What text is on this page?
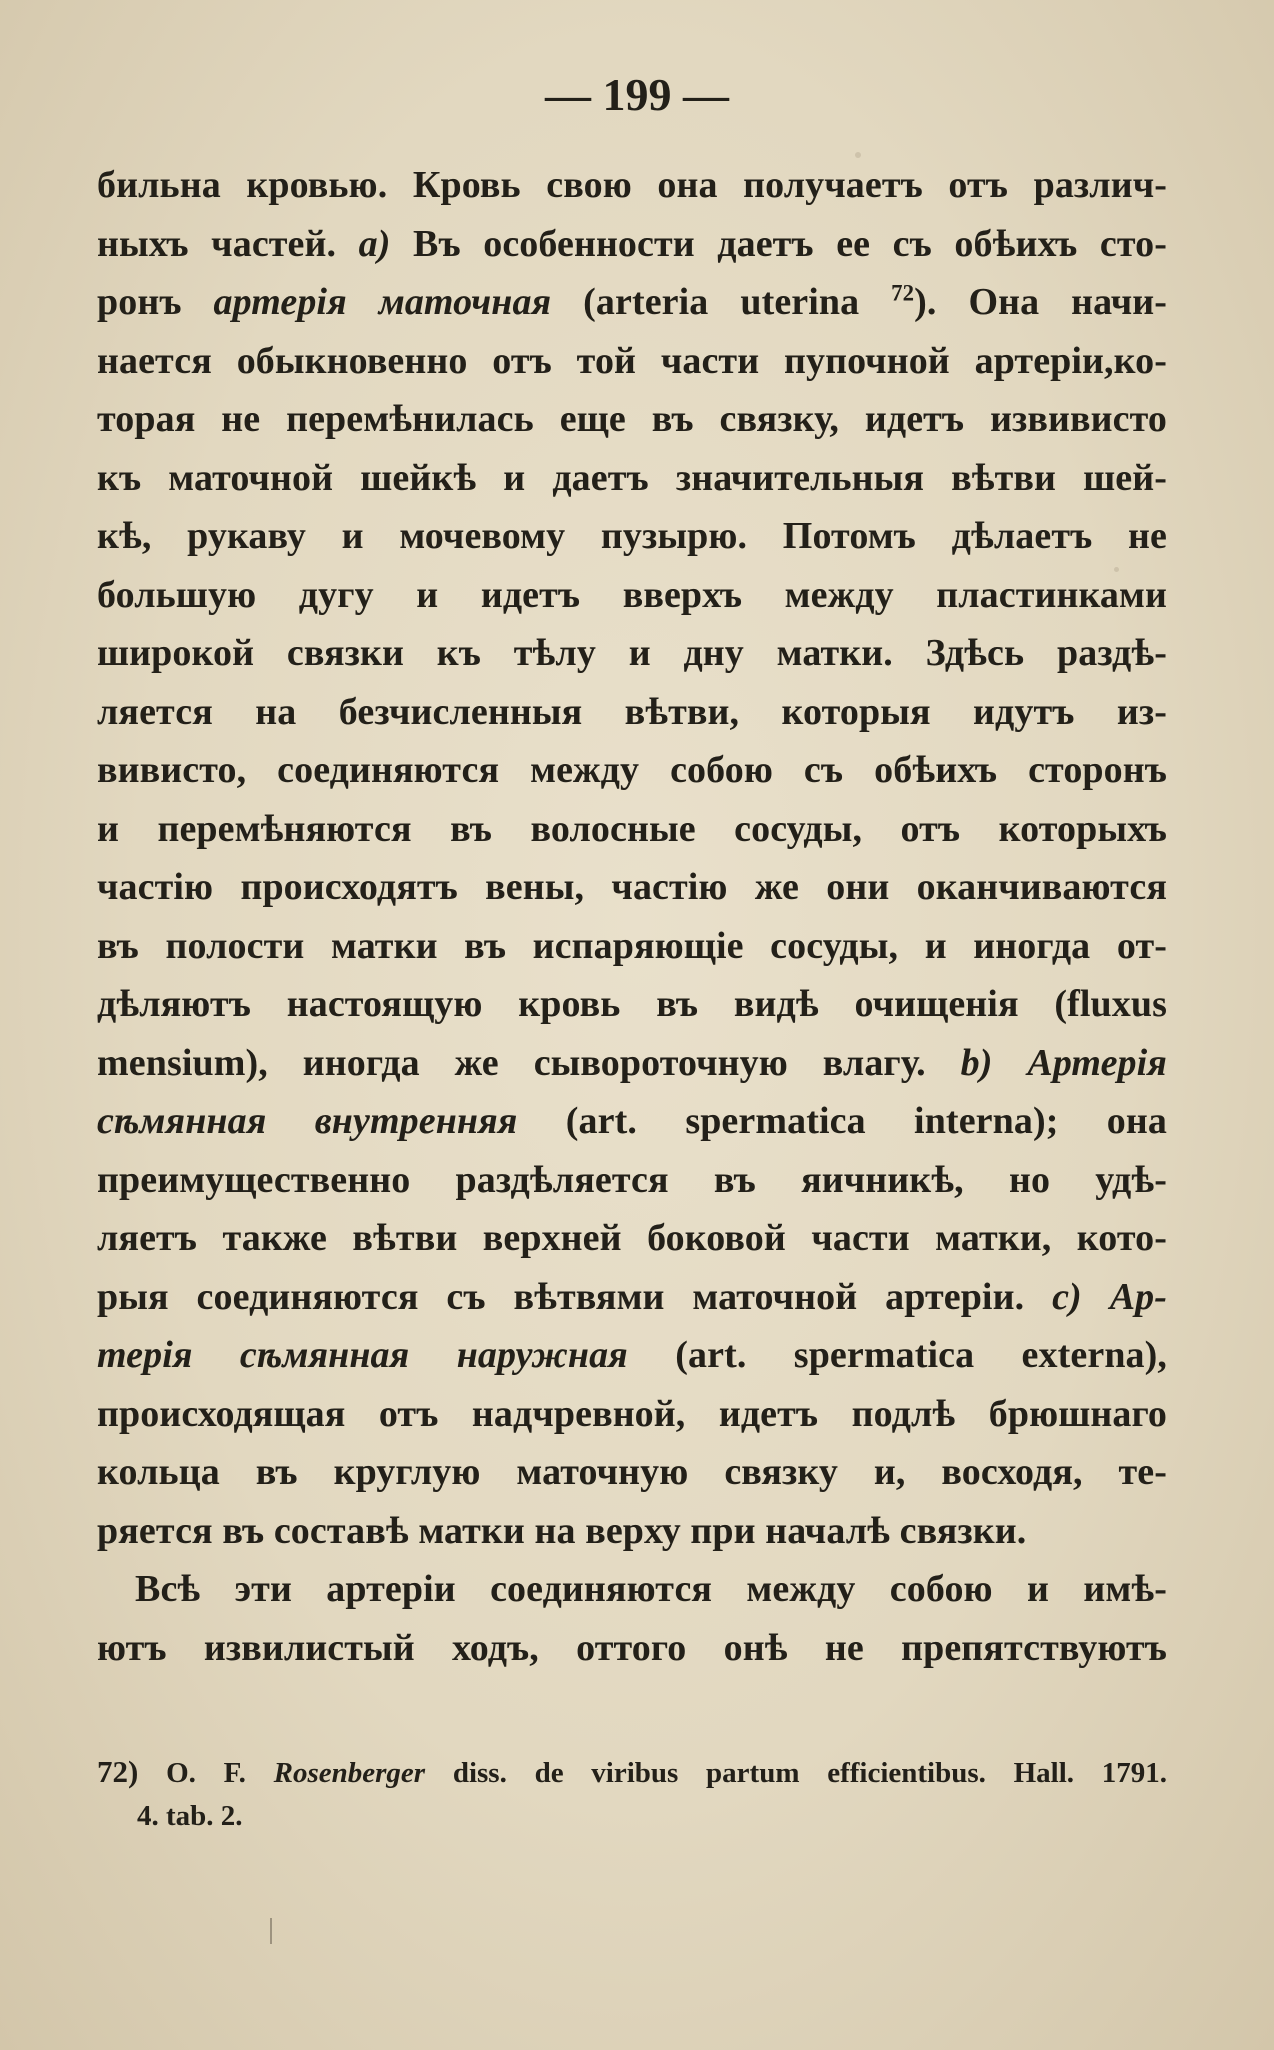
— 199 —
бильна кровью. Кровь свою она получаетъ отъ различ-
ныхъ частей. a) Въ особенности даетъ ее съ обѣихъ сто-
ронъ артерія маточная (arteria uterina $^{72}$). Она начи-
нается обыкновенно отъ той части пупочной артеріи,ко-
торая не перемѣнилась еще въ связку, идетъ извивисто
къ маточной шейкѣ и даетъ значительныя вѣтви шей-
кѣ, рукаву и мочевому пузырю. Потомъ дѣлаетъ не
большую дугу и идетъ вверхъ между пластинками
широкой связки къ тѣлу и дну матки. Здѣсь раздѣ-
ляется на безчисленныя вѣтви, которыя идутъ из-
вивисто, соединяются между собою съ обѣихъ сторонъ
и перемѣняются въ волосные сосуды, отъ которыхъ
частію происходятъ вены, частію же они оканчиваются
въ полости матки въ испаряющіе сосуды, и иногда от-
дѣляютъ настоящую кровь въ видѣ очищенія (fluxus
mensium), иногда же сывороточную влагу. b) Артерія
сѣмянная внутренняя (art. spermatica interna); она
преимущественно раздѣляется въ яичникѣ, но удѣ-
ляетъ также вѣтви верхней боковой части матки, кото-
рыя соединяются съ вѣтвями маточной артеріи. c) Ар-
терія сѣмянная наружная (art. spermatica externa),
происходящая отъ надчревной, идетъ подлѣ брюшнаго
кольца въ круглую маточную связку и, восходя, те-
ряется въ составѣ матки на верху при началѣ связки.
Всѣ эти артеріи соединяются между собою и имѣ-
ютъ извилистый ходъ, оттого онѣ не препятствуютъ
72) O. F. Rosenberger diss. de viribus partum efficientibus. Hall. 1791.
4. tab. 2.
